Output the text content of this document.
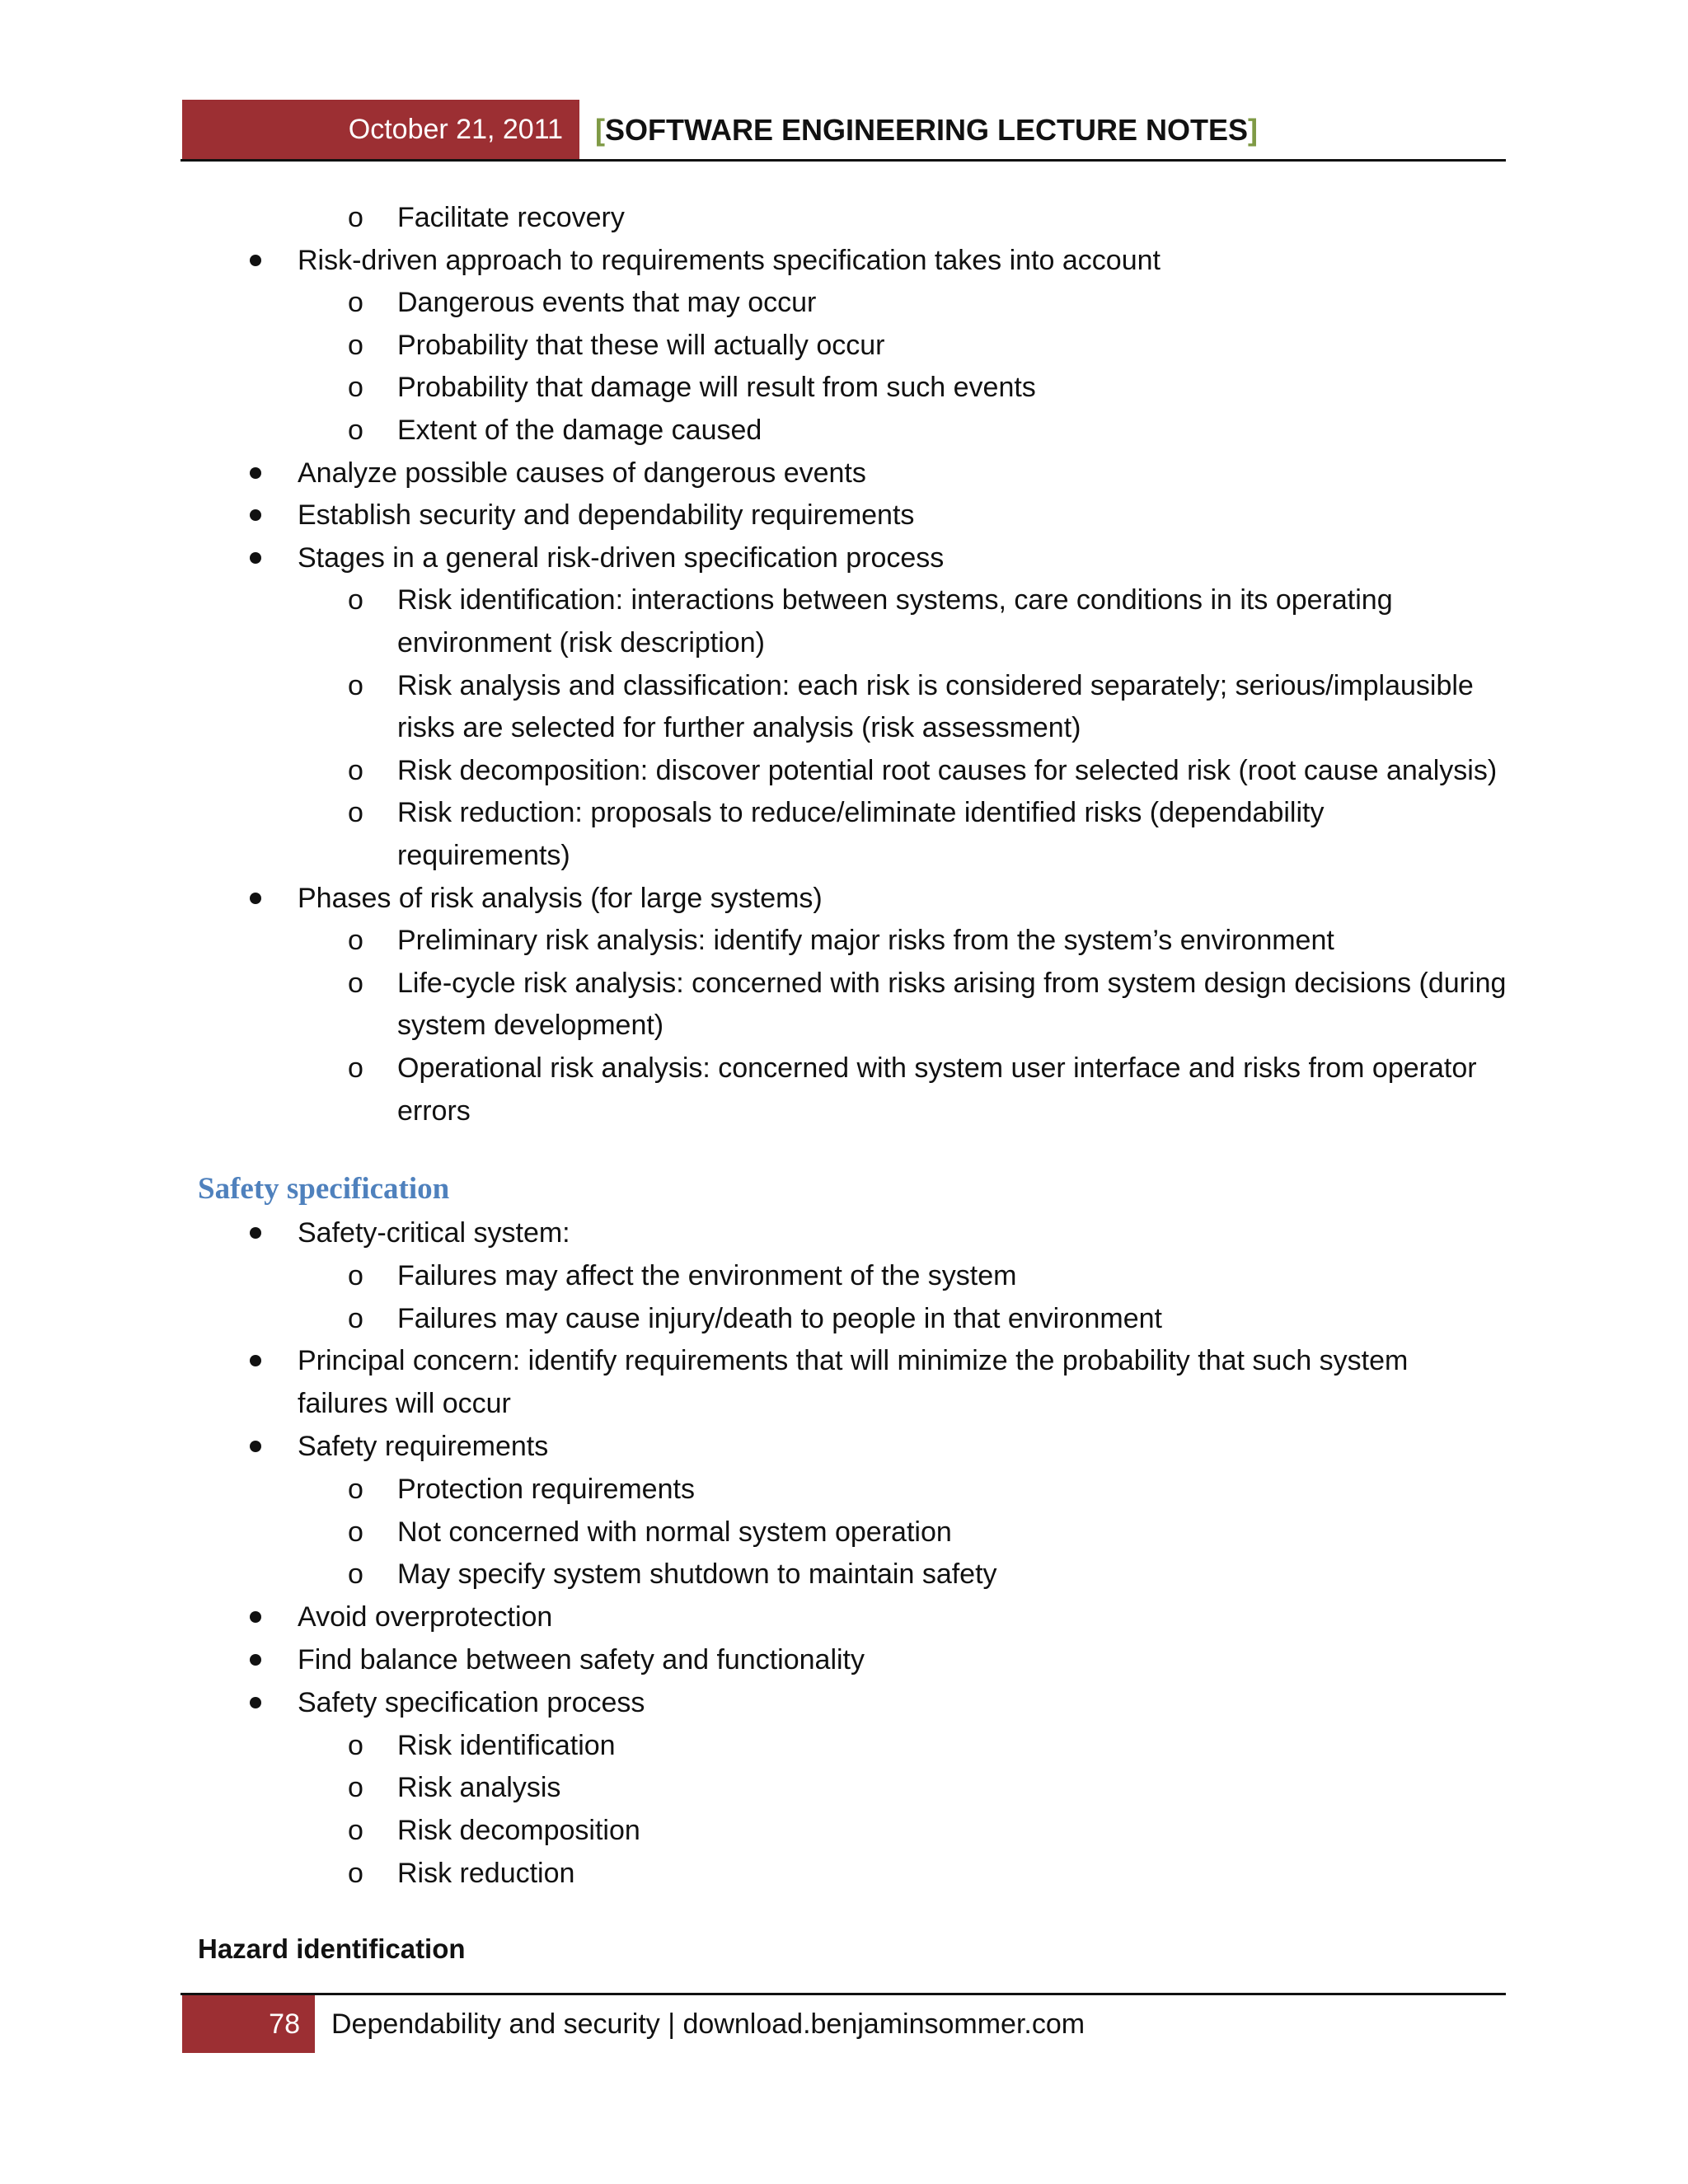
October 21, 2011	[SOFTWARE ENGINEERING LECTURE NOTES]
o Facilitate recovery
Risk-driven approach to requirements specification takes into account
o Dangerous events that may occur
o Probability that these will actually occur
o Probability that damage will result from such events
o Extent of the damage caused
Analyze possible causes of dangerous events
Establish security and dependability requirements
Stages in a general risk-driven specification process
o Risk identification: interactions between systems, care conditions in its operating
environment (risk description)
o Risk analysis and classification: each risk is considered separately; serious/implausible
risks are selected for further analysis (risk assessment)
o Risk decomposition: discover potential root causes for selected risk (root cause analysis)
o Risk reduction: proposals to reduce/eliminate identified risks (dependability
requirements)
Phases of risk analysis (for large systems)
o Preliminary risk analysis: identify major risks from the system’s environment
o Life-cycle risk analysis: concerned with risks arising from system design decisions (during
system development)
o Operational risk analysis: concerned with system user interface and risks from operator
errors
Safety specification
Safety-critical system:
o Failures may affect the environment of the system
o Failures may cause injury/death to people in that environment
Principal concern: identify requirements that will minimize the probability that such system
failures will occur
Safety requirements
o Protection requirements
o Not concerned with normal system operation
o May specify system shutdown to maintain safety
Avoid overprotection
Find balance between safety and functionality
Safety specification process
o Risk identification
o Risk analysis
o Risk decomposition
o Risk reduction
Hazard identification
78	Dependability and security | download.benjaminsommer.com
